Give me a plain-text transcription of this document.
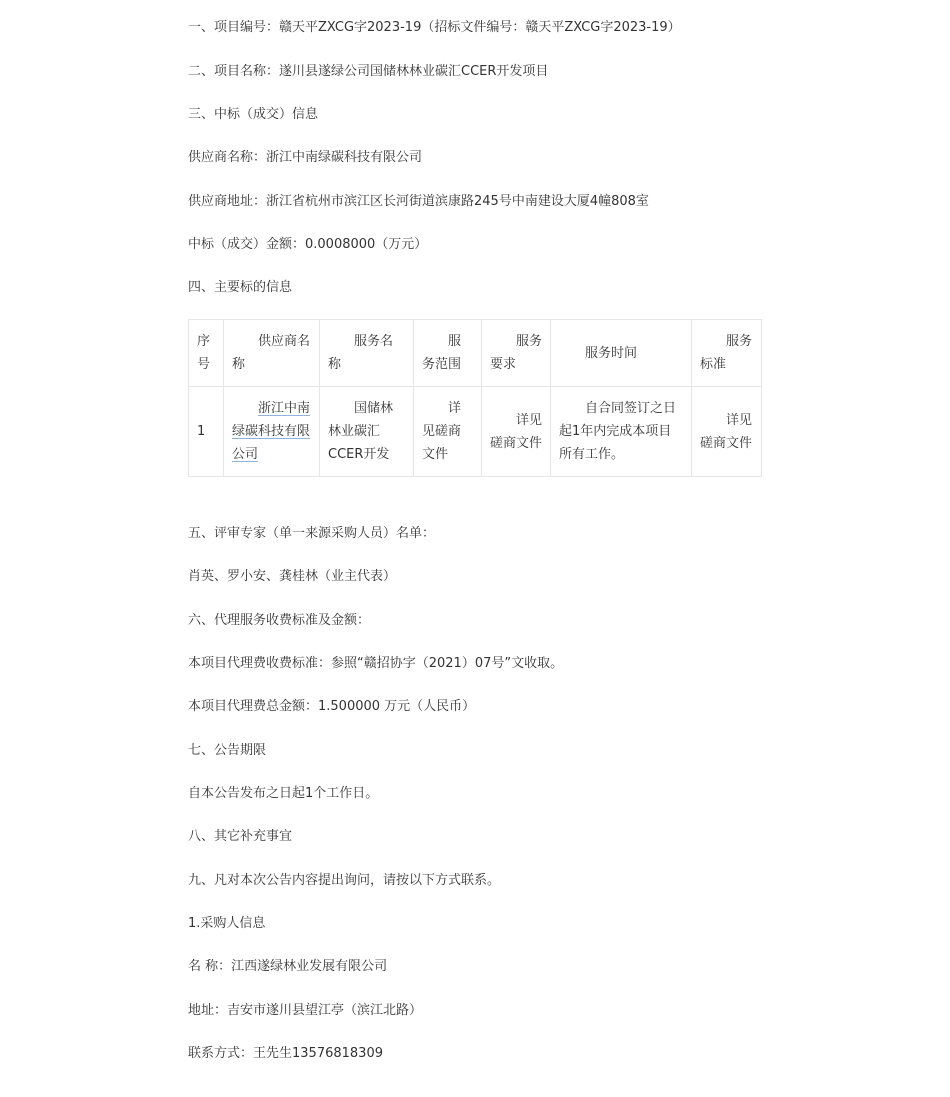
一、项目编号：赣天平ZXCG字2023-19（招标文件编号：赣天平ZXCG字2023-19）
二、项目名称：遂川县遂绿公司国储林林业碳汇CCER开发项目
三、中标（成交）信息
供应商名称：浙江中南绿碳科技有限公司
供应商地址：浙江省杭州市滨江区长河街道滨康路245号中南建设大厦4幢808室
中标（成交）金额：0.0008000（万元）
四、主要标的信息
序号	供应商名称	服务名称	服务范围	服务要求	服务时间	服务标准
1	浙江中南绿碳科技有限公司	国储林林业碳汇CCER开发	详见磋商文件	详见磋商文件	自合同签订之日起1年内完成本项目所有工作。	详见磋商文件
五、评审专家（单一来源采购人员）名单：
肖英、罗小安、龚桂林（业主代表）
六、代理服务收费标准及金额：
本项目代理费收费标准：参照“赣招协字（2021）07号”文收取。
本项目代理费总金额：1.500000 万元（人民币）
七、公告期限
自本公告发布之日起1个工作日。
八、其它补充事宜
九、凡对本次公告内容提出询问，请按以下方式联系。
1.采购人信息
名 称：江西遂绿林业发展有限公司
地址：吉安市遂川县望江亭（滨江北路）
联系方式：王先生13576818309
